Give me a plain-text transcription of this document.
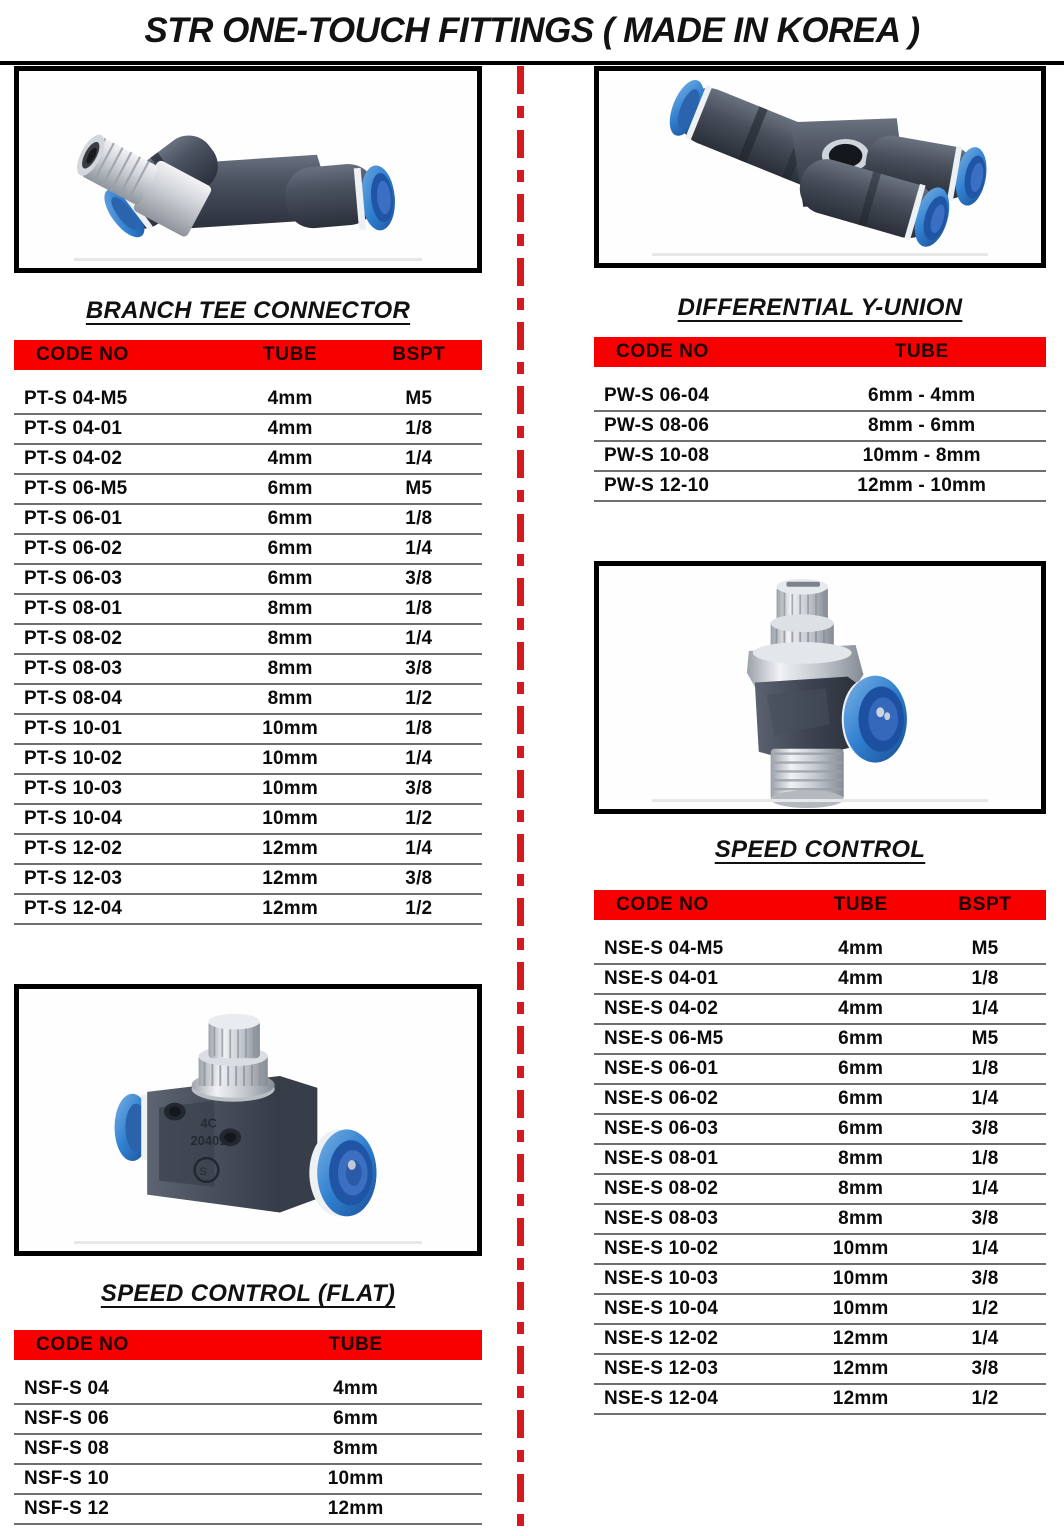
STR ONE-TOUCH FITTINGS ( MADE IN KOREA )
BRANCH TEE CONNECTOR
CODE NO	TUBE	BSPT

PT-S 04-M5	4mm	M5
PT-S 04-01	4mm	1/8
PT-S 04-02	4mm	1/4
PT-S 06-M5	6mm	M5
PT-S 06-01	6mm	1/8
PT-S 06-02	6mm	1/4
PT-S 06-03	6mm	3/8
PT-S 08-01	8mm	1/8
PT-S 08-02	8mm	1/4
PT-S 08-03	8mm	3/8
PT-S 08-04	8mm	1/2
PT-S 10-01	10mm	1/8
PT-S 10-02	10mm	1/4
PT-S 10-03	10mm	3/8
PT-S 10-04	10mm	1/2
PT-S 12-02	12mm	1/4
PT-S 12-03	12mm	3/8
PT-S 12-04	12mm	1/2
4C
20401
S
SPEED CONTROL (FLAT)
CODE NO	TUBE

NSF-S 04	4mm
NSF-S 06	6mm
NSF-S 08	8mm
NSF-S 10	10mm
NSF-S 12	12mm
DIFFERENTIAL Y-UNION
CODE NO	TUBE

PW-S 06-04	6mm - 4mm
PW-S 08-06	8mm - 6mm
PW-S 10-08	10mm - 8mm
PW-S 12-10	12mm - 10mm
SPEED CONTROL
CODE NO	TUBE	BSPT

NSE-S 04-M5	4mm	M5
NSE-S 04-01	4mm	1/8
NSE-S 04-02	4mm	1/4
NSE-S 06-M5	6mm	M5
NSE-S 06-01	6mm	1/8
NSE-S 06-02	6mm	1/4
NSE-S 06-03	6mm	3/8
NSE-S 08-01	8mm	1/8
NSE-S 08-02	8mm	1/4
NSE-S 08-03	8mm	3/8
NSE-S 10-02	10mm	1/4
NSE-S 10-03	10mm	3/8
NSE-S 10-04	10mm	1/2
NSE-S 12-02	12mm	1/4
NSE-S 12-03	12mm	3/8
NSE-S 12-04	12mm	1/2
